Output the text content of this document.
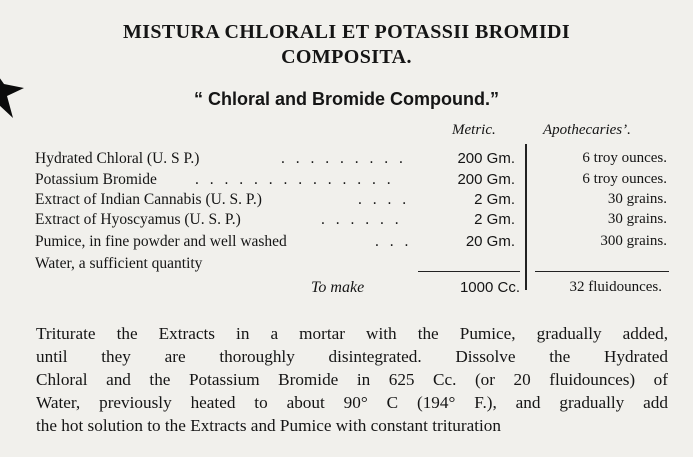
MISTURA CHLORALI ET POTASSII BROMIDI
COMPOSITA.
“ Chloral and Bromide Compound.”
Metric.	Apothecaries’.
Hydrated Chloral (U. S P.)	. . . . . . . . .	200 Gm.	6 troy ounces.
Potassium Bromide . . . . . . . . . . . . . .	200 Gm.	6 troy ounces.
Extract of Indian Cannabis (U. S. P.)	. . . .	2 Gm.	30 grains.
Extract of Hyoscyamus (U. S. P.)	. . . . . .	2 Gm.	30 grains.
Pumice, in fine powder and well washed	. . .	20 Gm.	300 grains.
Water, a sufficient quantity
To make	1000 Cc.	32 fluidounces.
Triturate the Extracts in a mortar with the Pumice, gradually added,
until they are thoroughly disintegrated. Dissolve the Hydrated
Chloral and the Potassium Bromide in 625 Cc. (or 20 fluidounces) of
Water, previously heated to about 90° C (194° F.), and gradually add
the hot solution to the Extracts and Pumice with constant trituration
